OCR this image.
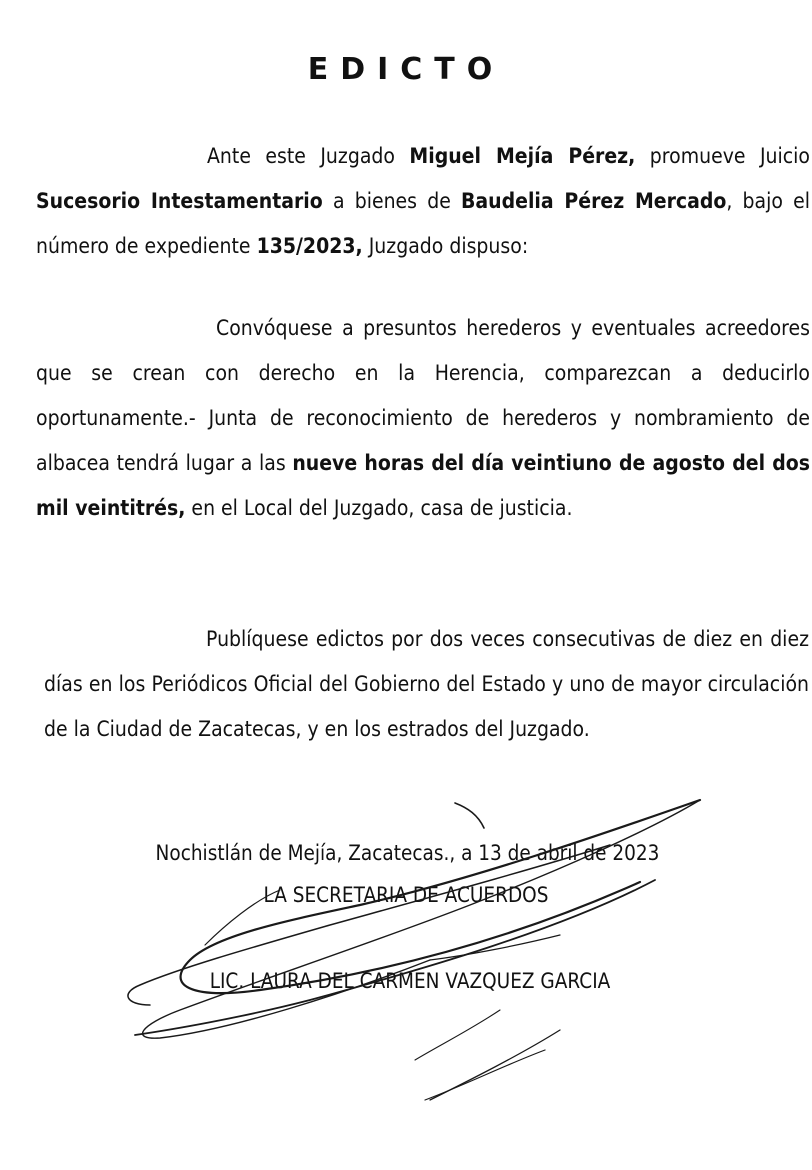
EDICTO

Ante este Juzgado Miguel Mejía Pérez, promueve Juicio Sucesorio Intestamentario a bienes de Baudelia Pérez Mercado, bajo el número de expediente 135/2023, Juzgado dispuso:

Convóquese a presuntos herederos y eventuales acreedores que se crean con derecho en la Herencia, comparezcan a deducirlo oportunamente.- Junta de reconocimiento de herederos y nombramiento de albacea tendrá lugar a las nueve horas del día veintiuno de agosto del dos mil veintitrés, en el Local del Juzgado, casa de justicia.

Publíquese edictos por dos veces consecutivas de diez en diez días en los Periódicos Oficial del Gobierno del Estado y uno de mayor circulación de la Ciudad de Zacatecas, y en los estrados del Juzgado.

Nochistlán de Mejía, Zacatecas., a 13 de abril de 2023
LA SECRETARIA DE ACUERDOS
LIC. LAURA DEL CARMEN VAZQUEZ GARCIA
